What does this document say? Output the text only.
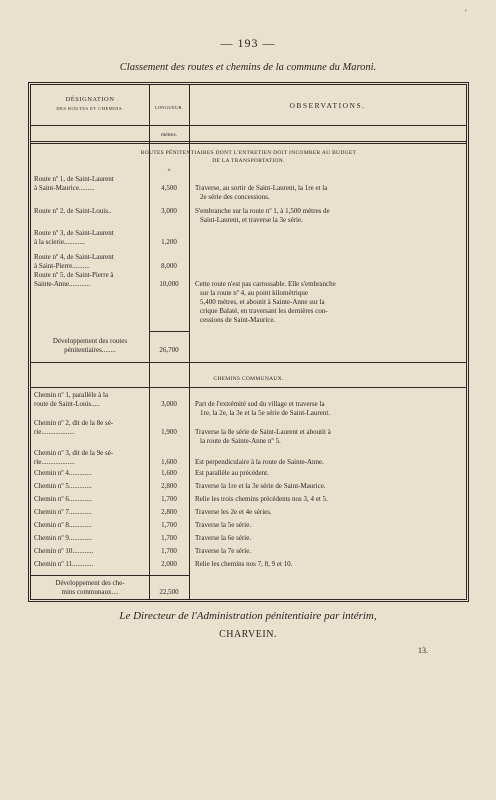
'
— 193 —
Classement des routes et chemins de la commune du Maroni.
DÉSIGNATION
DES ROUTES ET CHEMINS.	LONGUEUR.	OBSERVATIONS.
mètres.
ROUTES PÉNITENTIAIRES DONT L'ENTRETIEN DOIT INCOMBER AU BUDGET
DE LA TRANSPORTATION.
»
Route nº 1, de Saint-Laurent
à Saint-Maurice.........	4,500	Traverse, au sortir de Saint-Laurent, la 1re et la
2e série des concessions.
Route nº 2, de Saint-Louis..	3,000	S'embranche sur la route nº 1, à 1,500 mètres de
Saint-Laurent, et traverse la 3e série.
Route nº 3, de Saint-Laurent
à la scierie............	1,200
Route nº 4, de Saint-Laurent
à Saint-Pierre..........	8,000
Route nº 5, de Saint-Pierre à
Sainte-Anne............	10,000	Cette route n'est pas carrossable. Elle s'embranche
sur la route nº 4, au point kilométrique
5,400 mètres, et aboutit à Sainte-Anne sur la
crique Balaté, en traversant les dernières con-
cessions de Saint-Maurice.
Développement des routes
pénitentiaires........	26,700
CHEMINS COMMUNAUX.
Chemin nº 1, parallèle à la
route de Saint-Louis.....	3,000	Part de l'extrémité sud du village et traverse la
1re, la 2e, la 3e et la 5e série de Saint-Laurent.
Chemin nº 2, dit de la 8e sé-
rie...................	1,900	Traverse la 8e série de Saint-Laurent et aboutit à
la route de Sainte-Anne nº 5.
Chemin nº 3, dit de la 9e sé-
rie...................	1,600	Est perpendiculaire à la route de Sainte-Anne.
Chemin nº 4.............	1,600	Est parallèle au précédent.
Chemin nº 5.............	2,800	Traverse la 1re et la 3e série de Saint-Maurice.
Chemin nº 6.............	1,700	Relie les trois chemins précédents nos 3, 4 et 5.
Chemin nº 7.............	2,800	Traverse les 2e et 4e séries.
Chemin nº 8.............	1,700	Traverse la 5e série.
Chemin nº 9.............	1,700	Traverse la 6e série.
Chemin nº 10............	1,700	Traverse la 7e série.
Chemin nº 11............	2,000	Relie les chemins nos 7, 8, 9 et 10.
Développement des che-
mins communaux....	22,500
Le Directeur de l'Administration pénitentiaire par intérim,
CHARVEIN.
13.
